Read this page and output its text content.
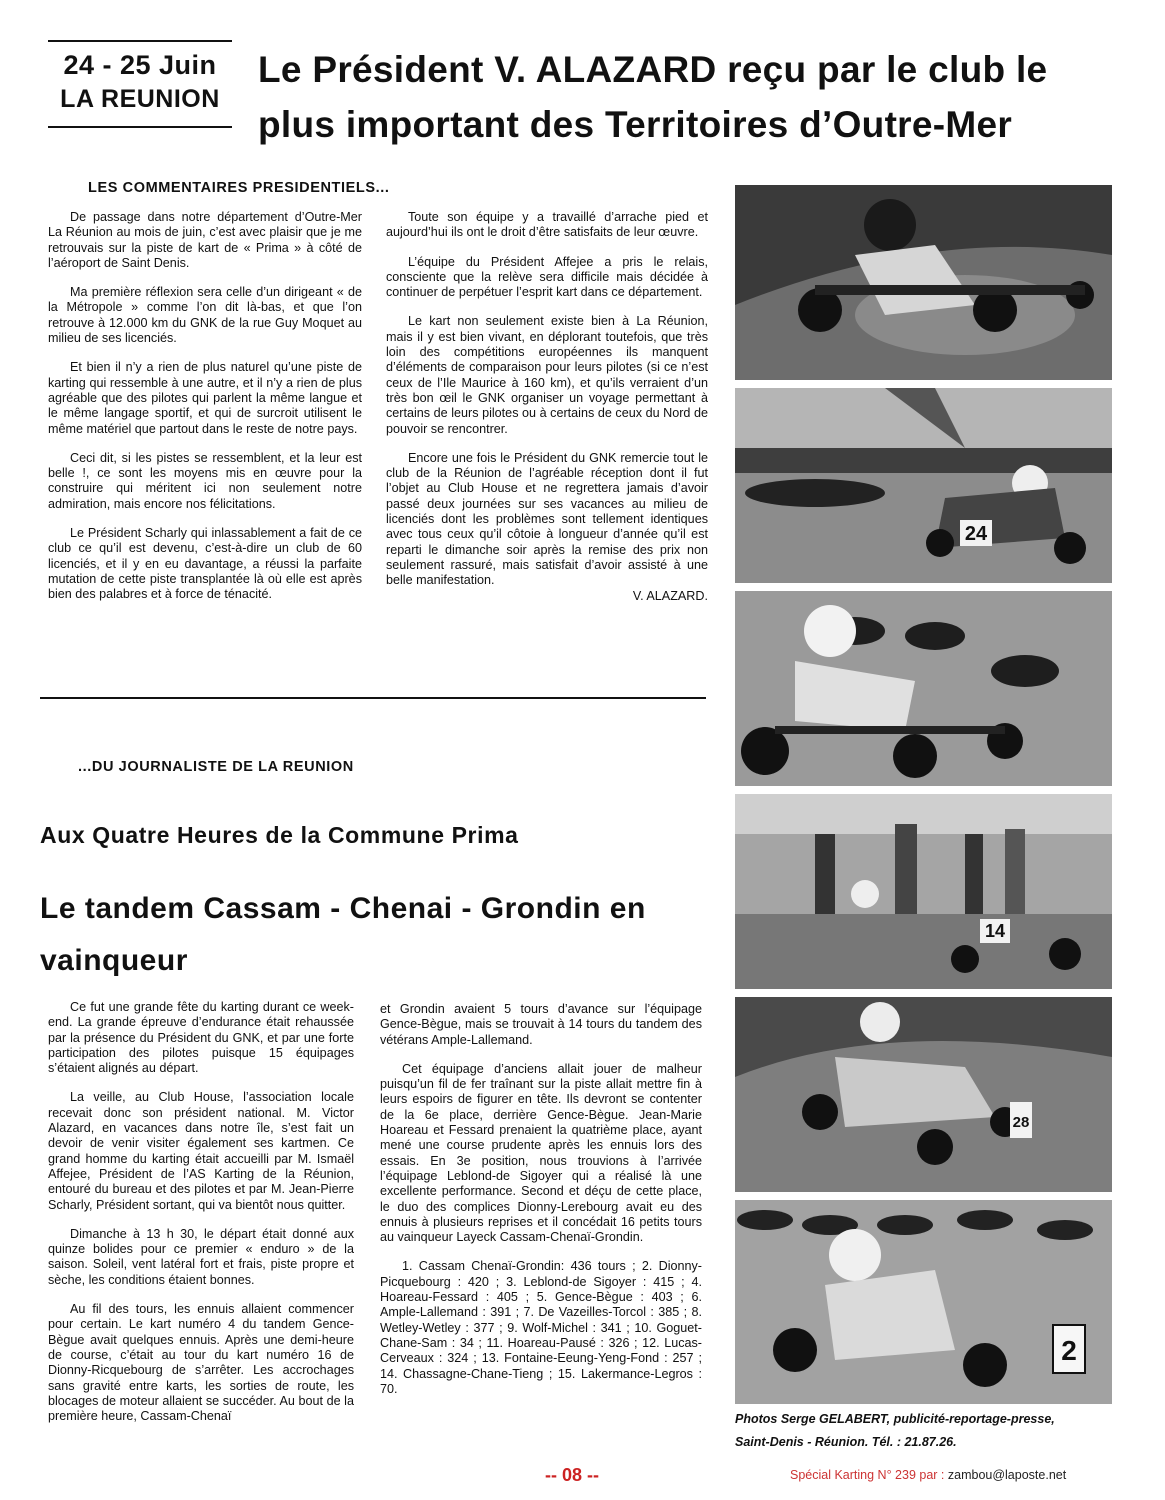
24 - 25 Juin
LA REUNION
Le Président V. ALAZARD reçu par le club le
plus important des Territoires d’Outre-Mer
LES COMMENTAIRES PRESIDENTIELS...

De passage dans notre département d’Outre-Mer La Réunion au mois de juin, c’est avec plaisir que je me retrouvais sur la piste de kart de « Prima » à côté de l’aéroport de Saint Denis.

Ma première réflexion sera celle d’un dirigeant « de la Métropole » comme l’on dit là-bas, et que l’on retrouve à 12.000 km du GNK de la rue Guy Moquet au milieu de ses licenciés.

Et bien il n’y a rien de plus naturel qu’une piste de karting qui ressemble à une autre, et il n’y a rien de plus agréable que des pilotes qui parlent la même langue et le même langage sportif, et qui de surcroit utilisent le même matériel que partout dans le reste de notre pays.

Ceci dit, si les pistes se ressemblent, et la leur est belle !, ce sont les moyens mis en œuvre pour la construire qui méritent ici non seulement notre admiration, mais encore nos félicitations.

Le Président Scharly qui inlassablement a fait de ce club ce qu’il est devenu, c’est-à-dire un club de 60 licenciés, et il y en eu davantage, a réussi la parfaite mutation de cette piste transplantée là où elle est après bien des palabres et à force de ténacité.

Toute son équipe y a travaillé d’arrache pied et aujourd’hui ils ont le droit d’être satisfaits de leur œuvre.

L’équipe du Président Affejee a pris le relais, consciente que la relève sera difficile mais décidée à continuer de perpétuer l’esprit kart dans ce département.

Le kart non seulement existe bien à La Réunion, mais il y est bien vivant, en déplorant toutefois, que très loin des compétitions européennes ils manquent d’éléments de comparaison pour leurs pilotes (si ce n’est ceux de l’Ile Maurice à 160 km), et qu’ils verraient d’un très bon œil le GNK organiser un voyage permettant à certains de leurs pilotes ou à certains de ceux du Nord de pouvoir se rencontrer.

Encore une fois le Président du GNK remercie tout le club de la Réunion de l’agréable réception dont il fut l’objet au Club House et ne regrettera jamais d’avoir passé deux journées sur ses vacances au milieu de licenciés dont les problèmes sont tellement identiques avec tous ceux qu’il côtoie à longueur d’année qu’il est reparti le dimanche soir après la remise des prix non seulement rassuré, mais satisfait d’avoir assisté à une belle manifestation.

V. ALAZARD.

...DU JOURNALISTE DE LA REUNION
Aux Quatre Heures de la Commune Prima
Le tandem Cassam - Chenai - Grondin en vainqueur

Ce fut une grande fête du karting durant ce week-end. La grande épreuve d’endurance était rehaussée par la présence du Président du GNK, et par une forte participation des pilotes puisque 15 équipages s’étaient alignés au départ.

La veille, au Club House, l’association locale recevait donc son président national. M. Victor Alazard, en vacances dans notre île, s’est fait un devoir de venir visiter également ses kartmen. Ce grand homme du karting était accueilli par M. Ismaël Affejee, Président de l’AS Karting de la Réunion, entouré du bureau et des pilotes et par M. Jean-Pierre Scharly, Président sortant, qui va bientôt nous quitter.

Dimanche à 13 h 30, le départ était donné aux quinze bolides pour ce premier « enduro » de la saison. Soleil, vent latéral fort et frais, piste propre et sèche, les conditions étaient bonnes.

Au fil des tours, les ennuis allaient commencer pour certain. Le kart numéro 4 du tandem Gence-Bègue avait quelques ennuis. Après une demi-heure de course, c’était au tour du kart numéro 16 de Dionny-Ricquebourg de s’arrêter. Les accrochages sans gravité entre karts, les sorties de route, les blocages de moteur allaient se succéder. Au bout de la première heure, Cassam-Chenaï

et Grondin avaient 5 tours d’avance sur l’équipage Gence-Bègue, mais se trouvait à 14 tours du tandem des vétérans Ample-Lallemand.

Cet équipage d’anciens allait jouer de malheur puisqu’un fil de fer traînant sur la piste allait mettre fin à leurs espoirs de figurer en tête. Ils devront se contenter de la 6e place, derrière Gence-Bègue. Jean-Marie Hoareau et Fessard prenaient la quatrième place, ayant mené une course prudente après les ennuis lors des essais. En 3e position, nous trouvions à l’arrivée l’équipage Leblond-de Sigoyer qui a réalisé là une excellente performance. Second et déçu de cette place, le duo des complices Dionny-Lerebourg avait eu des ennuis à plusieurs reprises et il concédait 16 petits tours au vainqueur Layeck Cassam-Chenaï-Grondin.

1. Cassam Chenaï-Grondin: 436 tours ; 2. Dionny-Picquebourg : 420 ; 3. Leblond-de Sigoyer : 415 ; 4. Hoareau-Fessard : 405 ; 5. Gence-Bègue : 403 ; 6. Ample-Lallemand : 391 ; 7. De Vazeilles-Torcol : 385 ; 8. Wetley-Wetley : 377 ; 9. Wolf-Michel : 341 ; 10. Goguet-Chane-Sam : 34 ; 11. Hoareau-Pausé : 326 ; 12. Lucas-Cerveaux : 324 ; 13. Fontaine-Eeung-Yeng-Fond : 257 ; 14. Chassagne-Chane-Tieng ; 15. Lakermance-Legros : 70.

24
14
28
2
Photos Serge GELABERT, publicité-reportage-presse,
Saint-Denis - Réunion. Tél. : 21.87.26.
-- 08 --	Spécial Karting N° 239 par : zambou@laposte.net
